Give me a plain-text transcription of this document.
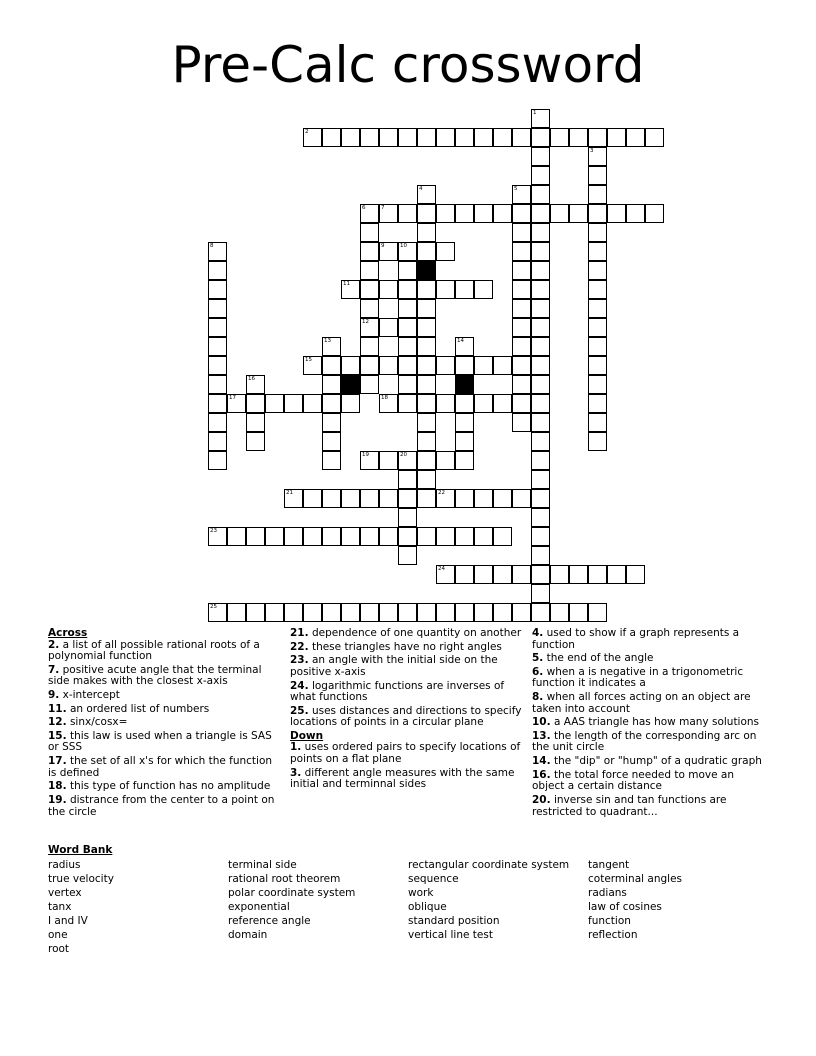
Pre-Calc crossword
1
2
3
4	5
6
12
7
8	9	10
11
13	14
15
16
17	18
19	20
21	22
23
24
25
Across
2. a list of all possible rational roots of a polynomial function
7. positive acute angle that the terminal side makes with the closest x-axis
9. x-intercept
11. an ordered list of numbers
12. sinx/cosx=
15. this law is used when a triangle is SAS or SSS
17. the set of all x's for which the function is defined
18. this type of function has no amplitude
19. distrance from the center to a point on the circle
21. dependence of one quantity on another
22. these triangles have no right angles
23. an angle with the initial side on the positive x-axis
24. logarithmic functions are inverses of what functions
25. uses distances and directions to specify locations of points in a circular plane
Down
1. uses ordered pairs to specify locations of points on a flat plane
3. different angle measures with the same initial and terminnal sides
4. used to show if a graph represents a function
5. the end of the angle
6. when a is negative in a trigonometric function it indicates a
8. when all forces acting on an object are taken into account
10. a AAS triangle has how many solutions
13. the length of the corresponding arc on the unit circle
14. the "dip" or "hump" of a qudratic graph
16. the total force needed to move an object a certain distance
20. inverse sin and tan functions are restricted to quadrant...
Word Bank
radius
true velocity
vertex
tanx
I and IV
one
root
terminal side
rational root theorem
polar coordinate system
exponential
reference angle
domain
rectangular coordinate system
sequence
work
oblique
standard position
vertical line test
tangent
coterminal angles
radians
law of cosines
function
reflection
